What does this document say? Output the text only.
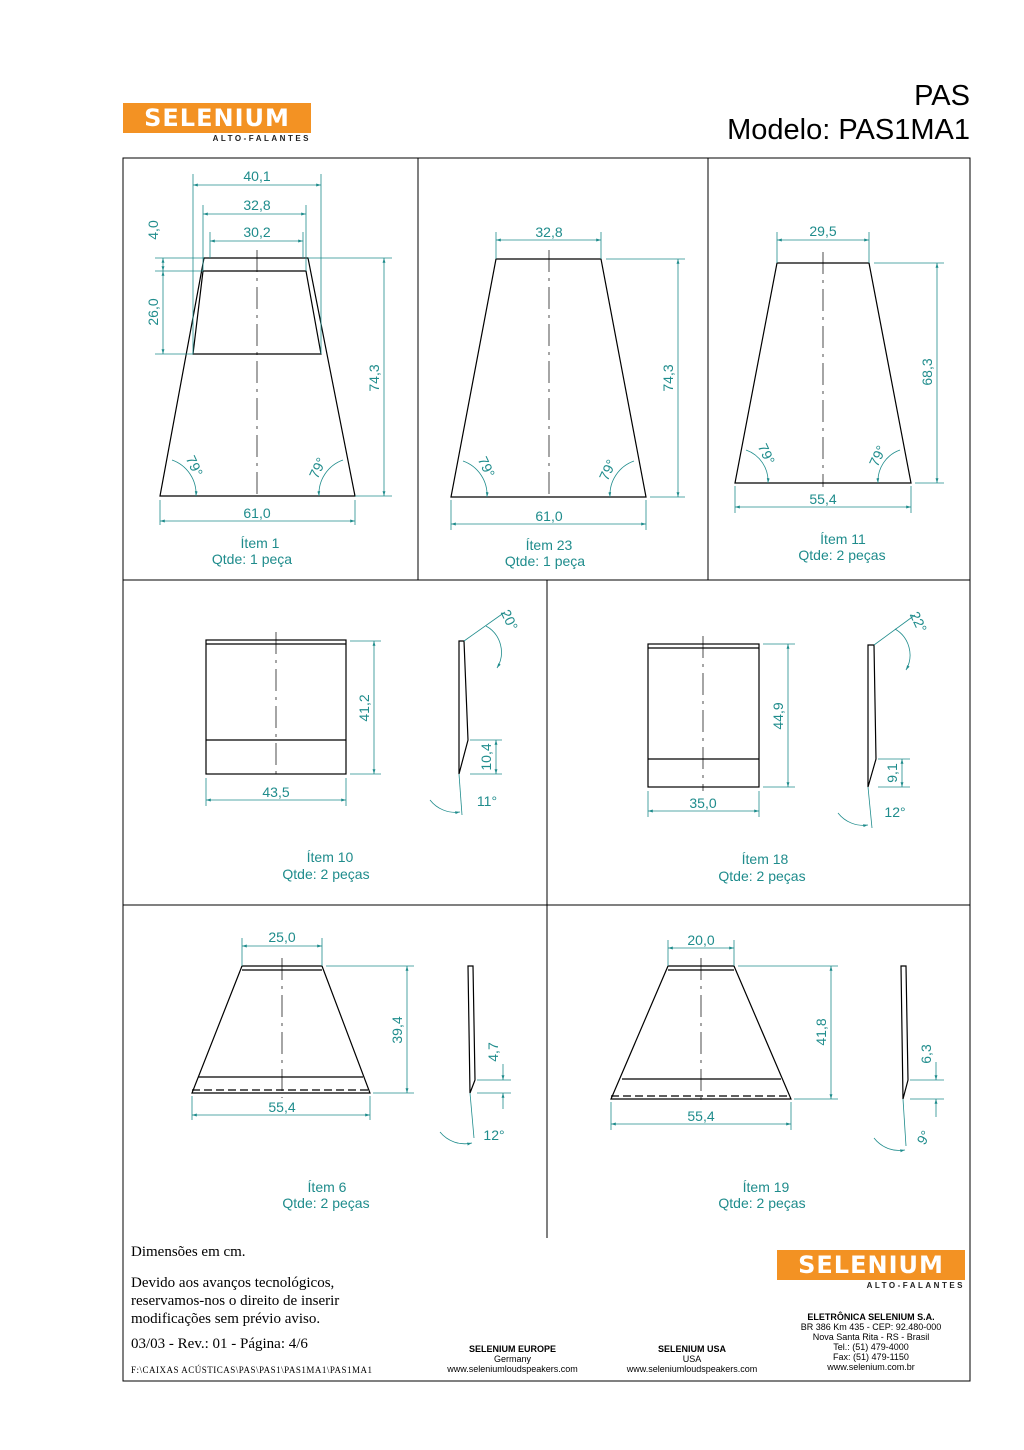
SELENIUM
ALTO-FALANTES
PAS
Modelo: PAS1MA1
40,1
32,8
30,2
4,0
26,0
74,3
61,0
79°	79°
Ítem 1
Qtde: 1 peça
32,8
74,3
61,0
79°	79°
Ítem 23
Qtde: 1 peça
29,5
68,3
55,4
79°	79°
Ítem 11
Qtde: 2 peças
41,2
43,5
10,4
20°
11°
Ítem 10
Qtde: 2 peças
44,9
35,0
9,1
22°
12°
Ítem 18
Qtde: 2 peças
25,0
39,4
55,4
4,7
12°
Ítem 6
Qtde: 2 peças
20,0
41,8
55,4
6,3
9°
Ítem 19
Qtde: 2 peças
Dimensões em cm.
Devido aos avanços tecnológicos, reservamos-nos o direito de inserir modificações sem prévio aviso.
03/03 - Rev.: 01 - Página: 4/6
F:\CAIXAS ACÚSTICAS\PAS\PAS1\PAS1MA1\PAS1MA1
SELENIUM EUROPE
Germany
www.seleniumloudspeakers.com
SELENIUM USA
USA
www.seleniumloudspeakers.com
SELENIUM
ALTO-FALANTES
ELETRÔNICA SELENIUM S.A.
BR 386 Km 435 - CEP: 92.480-000
Nova Santa Rita - RS - Brasil
Tel.: (51) 479-4000
Fax: (51) 479-1150
www.selenium.com.br
